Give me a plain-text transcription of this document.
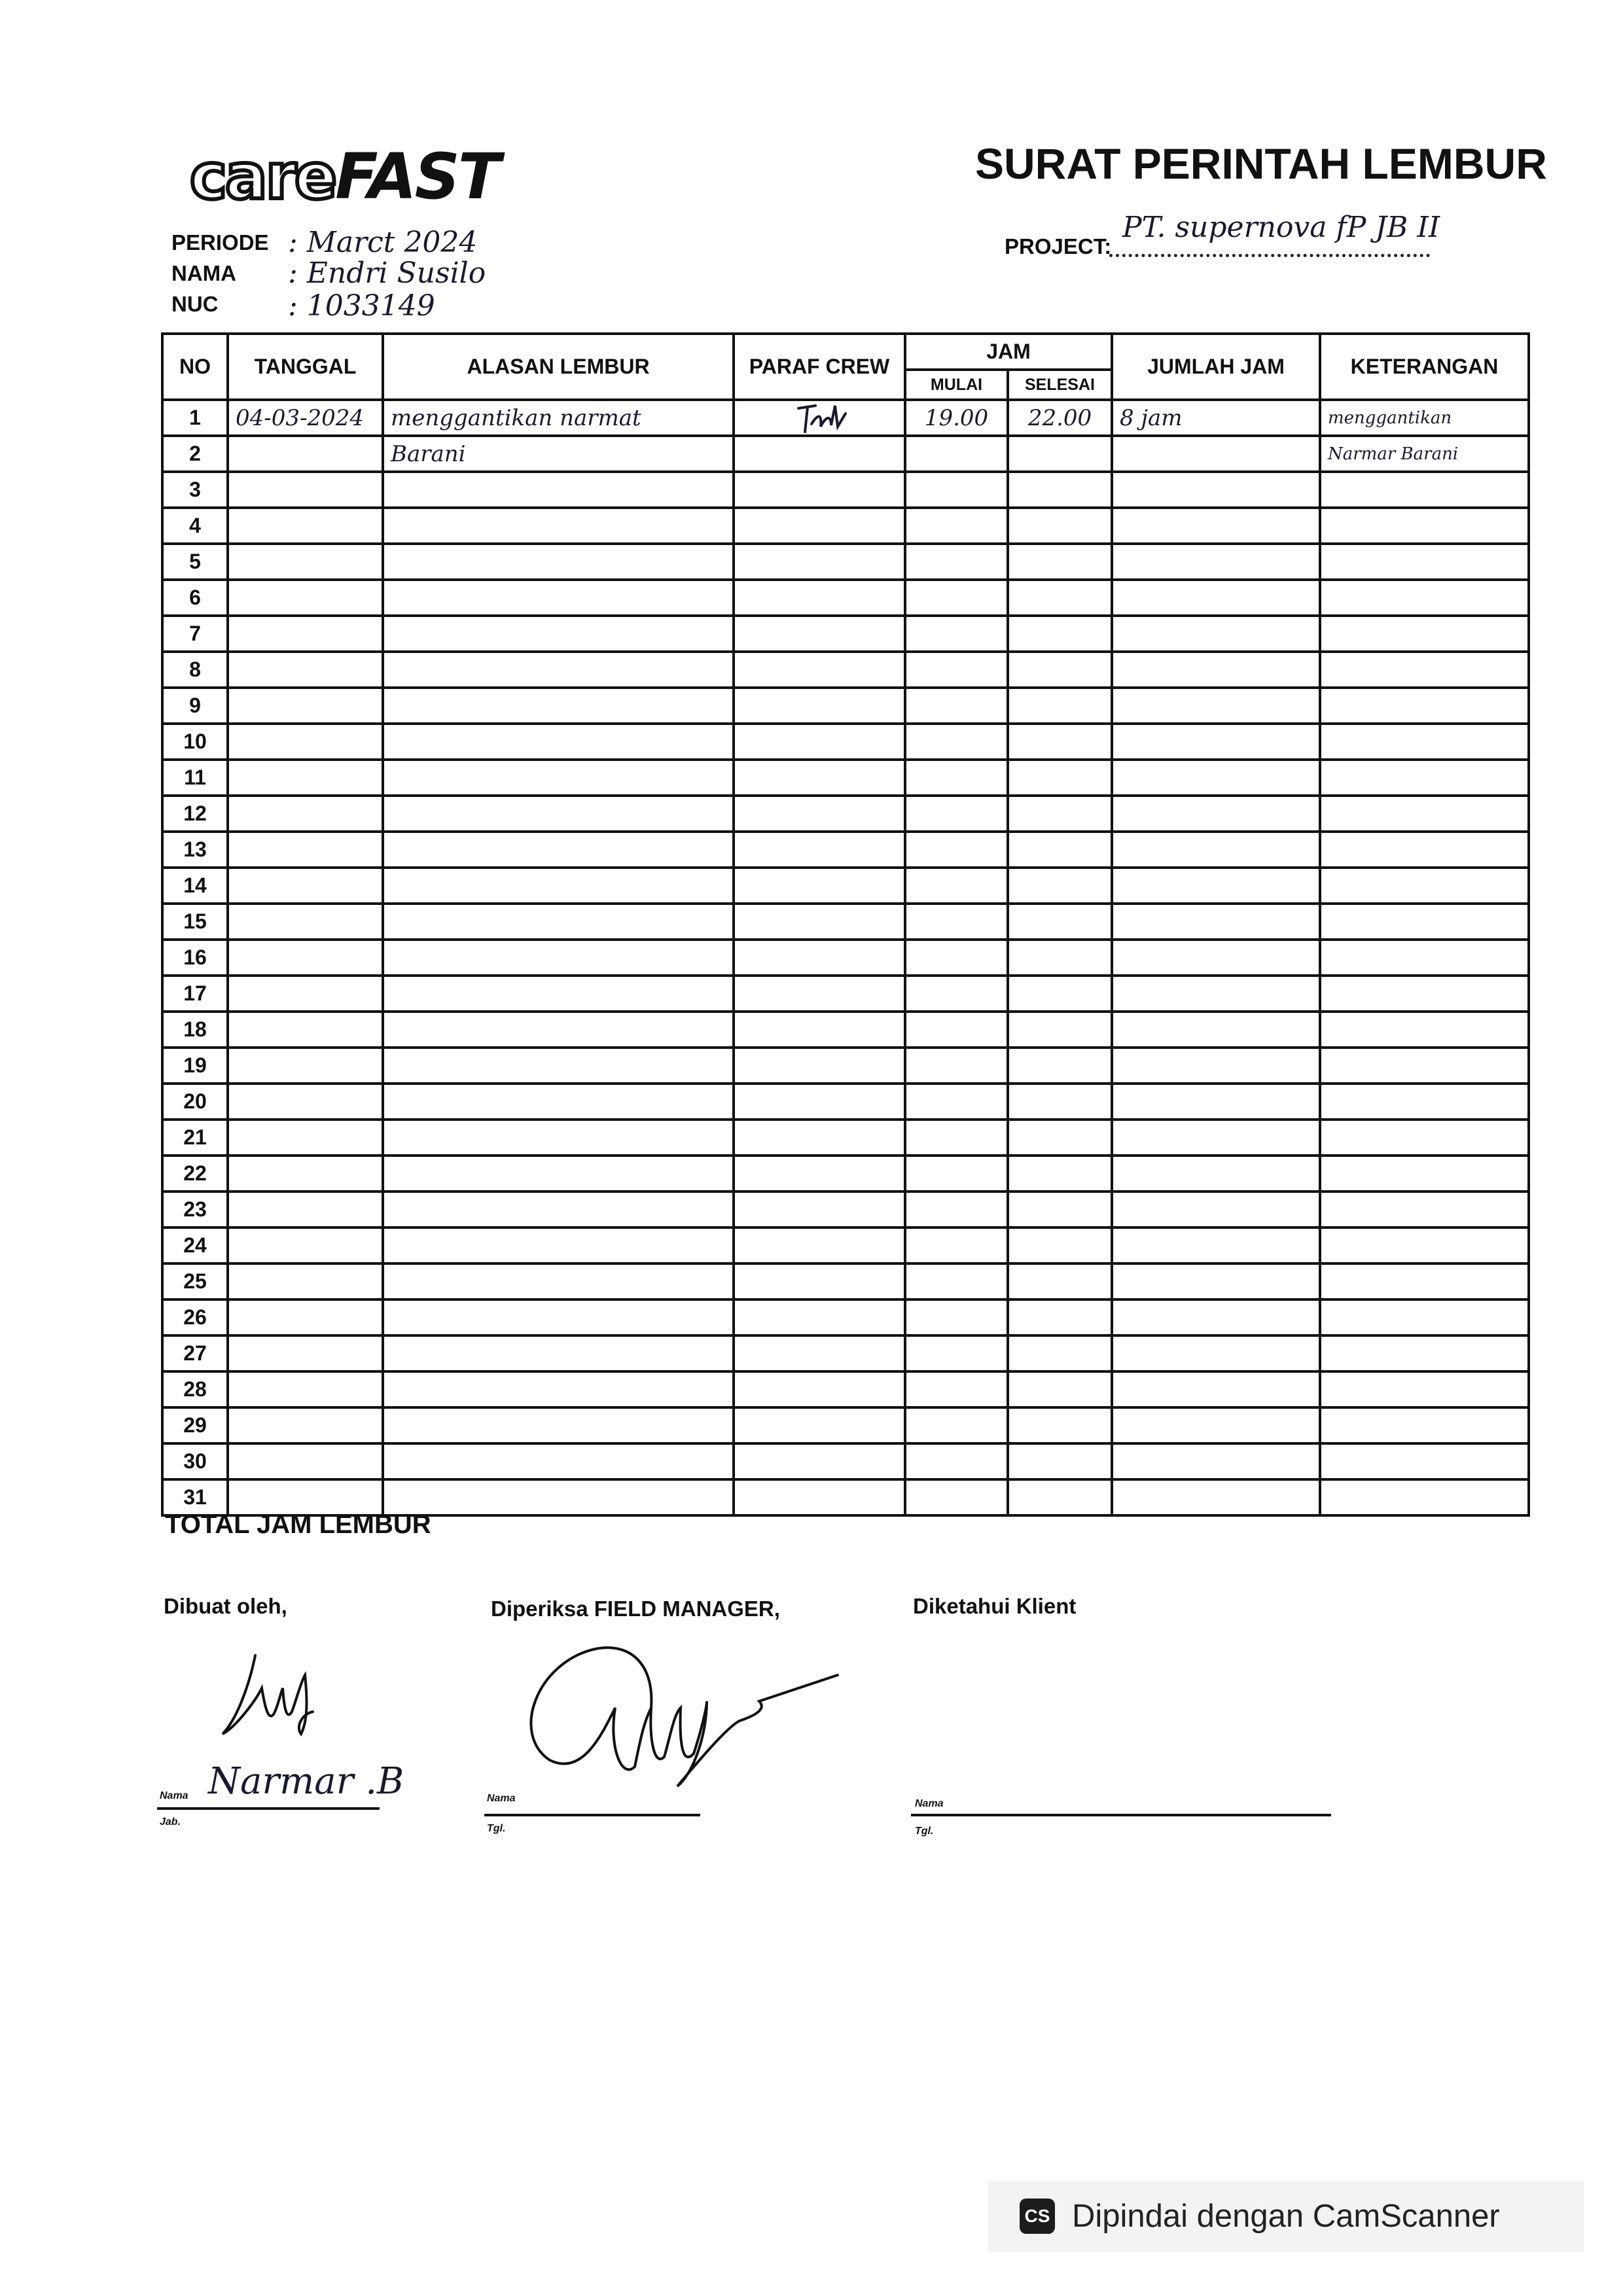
careFAST	SURAT PERINTAH LEMBUR
PROJECT:
PT. supernova fP JB II
PERIODE : Marct 2024
NAMA : Endri Susilo
NUC : 1033149
NO	TANGGAL	ALASAN LEMBUR	PARAF CREW	JAM		JUMLAH JAM	KETERANGAN
				MULAI	SELESAI		
1	04-03-2024	menggantikan narmat		19.00	22.00	8 jam	menggantikan
2		Barani					Narmar Barani
3							
4							
5							
6							
7							
8							
9							
10							
11							
12							
13							
14							
15							
16							
17							
18							
19							
20							
21							
22							
23							
24							
25							
26							
27							
28							
29							
30							
31							
TOTAL JAM LEMBUR
Dibuat oleh,	Diperiksa FIELD MANAGER,	Diketahui Klient
Nama Narmar .B
Jab.
Nama
Tgl.
Nama
Tgl.
CS Dipindai dengan CamScanner
